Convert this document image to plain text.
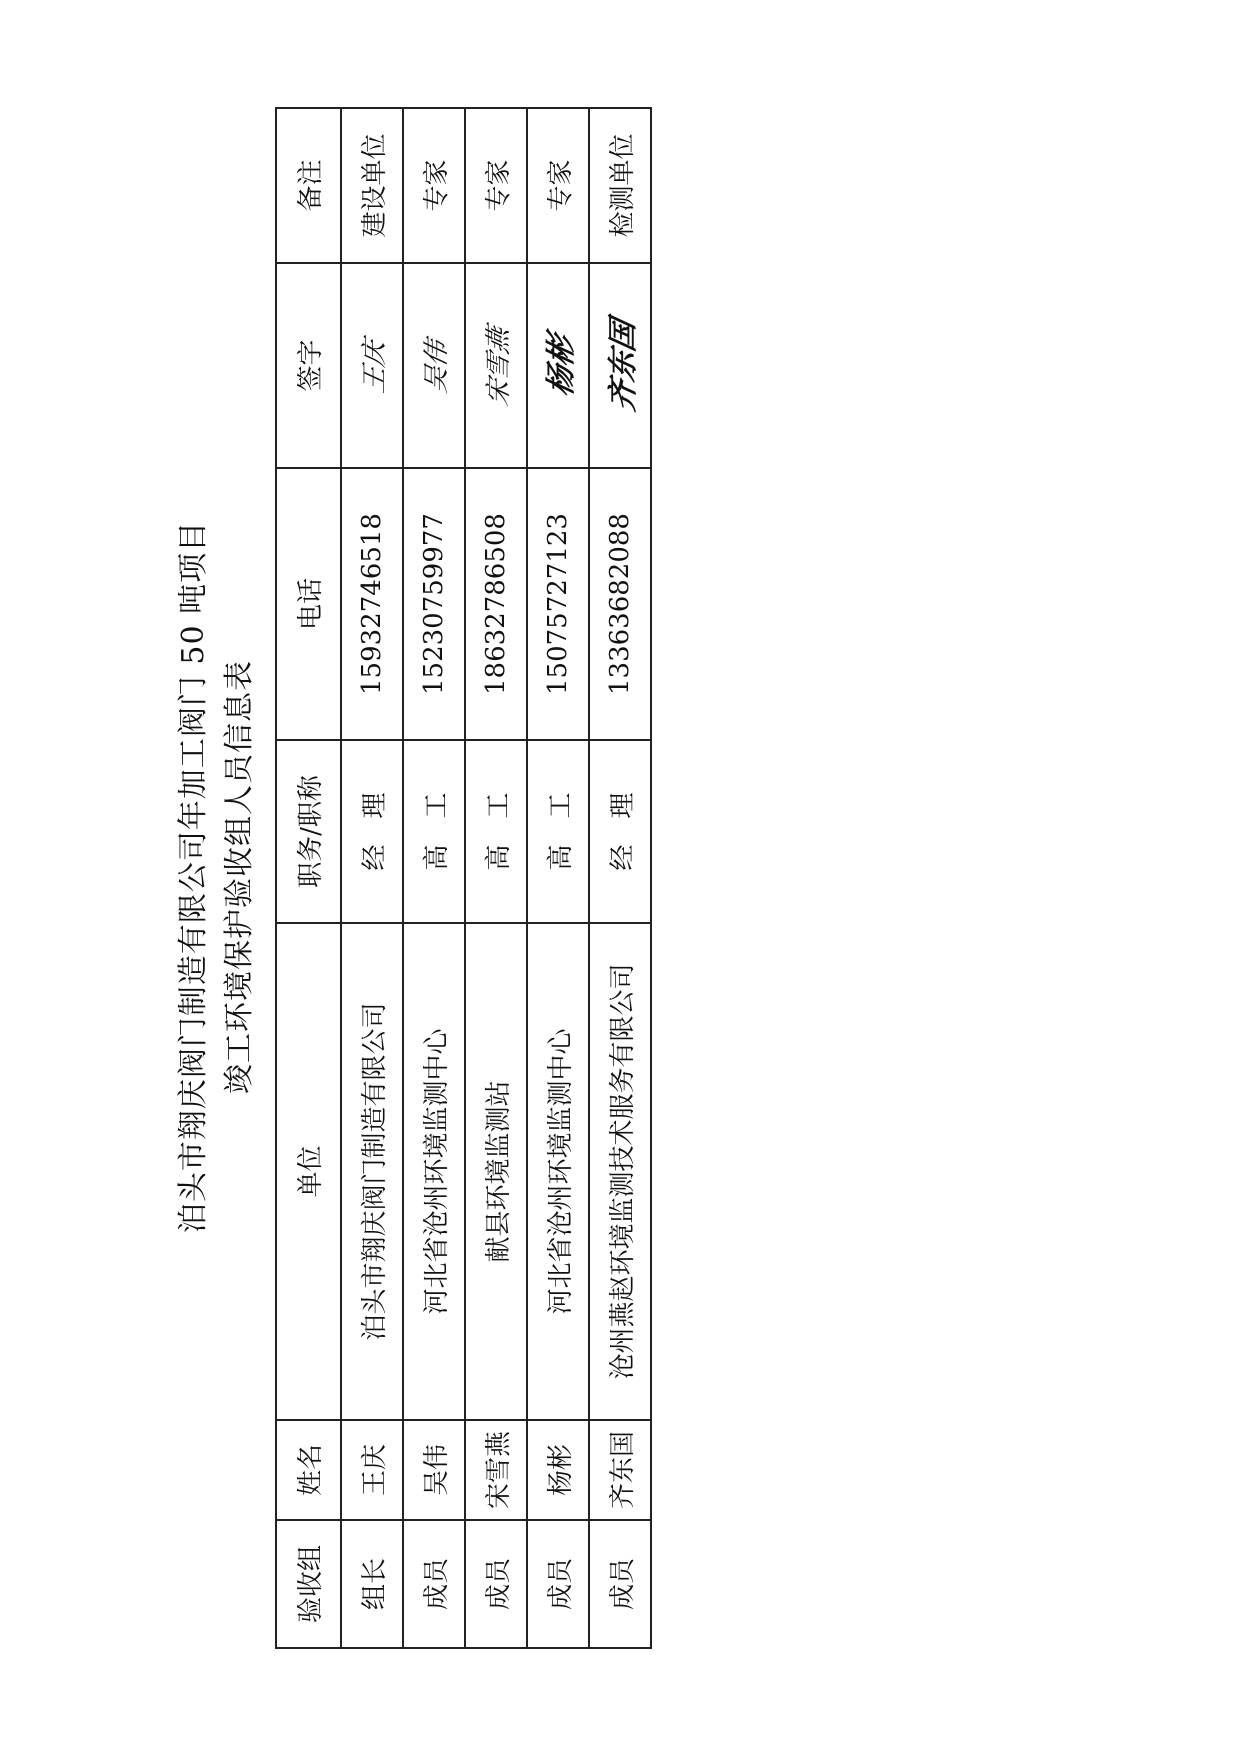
泊头市翔庆阀门制造有限公司年加工阀门 50 吨项目 竣工环境保护验收组人员信息表
验收组	姓名	单位	职务/职称	电话	签字	备注
组长	王庆	泊头市翔庆阀门制造有限公司	经　理	15932746518	王庆	建设单位
成员	吴伟	河北省沧州环境监测中心	高　工	15230759977	吴伟	专家
成员	宋雪燕	献县环境监测站	高　工	18632786508	宋雪燕	专家
成员	杨彬	河北省沧州环境监测中心	高　工	15075727123	杨彬	专家
成员	齐东国	沧州燕赵环境监测技术服务有限公司	经　理	13363682088	齐东国	检测单位
